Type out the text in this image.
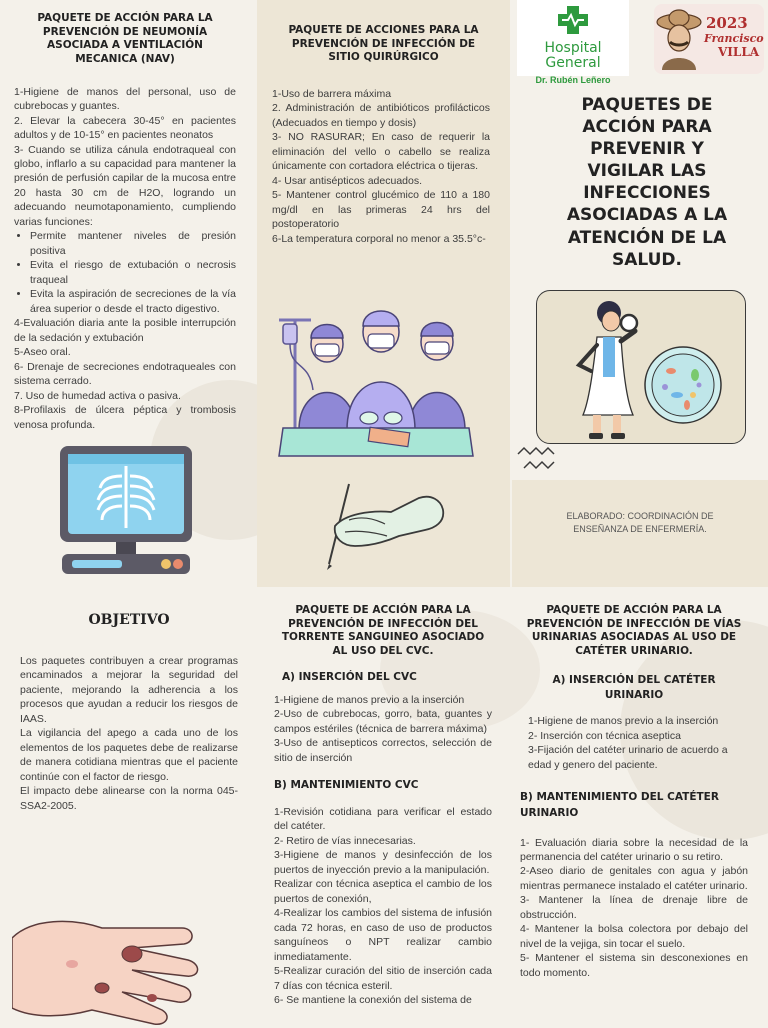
PAQUETE DE ACCIÓN PARA LA PREVENCIÓN DE NEUMONÍA ASOCIADA A VENTILACIÓN MECANICA (NAV)

1-Higiene de manos del personal, uso de cubrebocas y guantes.

2. Elevar la cabecera 30-45° en pacientes adultos y de 10-15° en pacientes neonatos

3- Cuando se utiliza cánula endotraqueal con globo, inflarlo a su capacidad para mantener la presión de perfusión capilar de la mucosa entre 20 hasta 30 cm de H2O, logrando un adecuando neumotaponamiento, cumpliendo varias funciones:

• Permite mantener niveles de presión positiva
• Evita el riesgo de extubación o necrosis traqueal
• Evita la aspiración de secreciones de la vía área superior o desde el tracto digestivo.

4-Evaluación diaria ante la posible interrupción de la sedación y extubación

5-Aseo oral.

6- Drenaje de secreciones endotraqueales con sistema cerrado.

7. Uso de humedad activa o pasiva.

8-Profilaxis de úlcera péptica y trombosis venosa profunda.

PAQUETE DE ACCIONES PARA LA PREVENCIÓN DE INFECCIÓN DE SITIO QUIRÚRGICO

1-Uso de barrera máxima

2. Administración de antibióticos profilácticos (Adecuados en tiempo y dosis)

3- NO RASURAR; En caso de requerir la eliminación del vello o cabello se realiza únicamente con cortadora eléctrica o tijeras.

4- Usar antisépticos adecuados.

5- Mantener control glucémico de 110 a 180 mg/dl en las primeras 24 hrs del postoperatorio

6-La temperatura corporal no menor a 35.5°c-

Hospital General
Dr. Rubén Leñero
2023
Francisco
VILLA
PAQUETES DE ACCIÓN PARA PREVENIR Y VIGILAR LAS INFECCIONES ASOCIADAS A LA ATENCIÓN DE LA SALUD.
ELABORADO: COORDINACIÓN DE ENSEÑANZA DE ENFERMERÍA.
OBJETIVO

Los paquetes contribuyen a crear programas encaminados a mejorar la seguridad del paciente, mejorando la adherencia a los procesos que ayudan a reducir los riesgos de IAAS.

La vigilancia del apego a cada uno de los elementos de los paquetes debe de realizarse de manera cotidiana mientras que el paciente continúe con el factor de riesgo.

El impacto debe alinearse con la norma 045-SSA2-2005.

PAQUETE DE ACCIÓN PARA LA PREVENCIÓN DE INFECCIÓN DEL TORRENTE SANGUINEO ASOCIADO AL USO DEL CVC.
A) INSERCIÓN DEL CVC

1-Higiene de manos previo a la inserción

2-Uso de cubrebocas, gorro, bata, guantes y campos estériles (técnica de barrera máxima)

3-Uso de antisepticos correctos, selección de sitio de inserción

B) MANTENIMIENTO CVC

1-Revisión cotidiana para verificar el estado del catéter.

2- Retiro de vías innecesarias.

3-Higiene de manos y desinfección de los puertos de inyección previo a la manipulación.

Realizar con técnica aseptica el cambio de los puertos de conexión,

4-Realizar los cambios del sistema de infusión cada 72 horas, en caso de uso de productos sanguíneos o NPT realizar cambio inmediatamente.

5-Realizar curación del sitio de inserción cada 7 días con técnica esteril.

6- Se mantiene la conexión del sistema de

PAQUETE DE ACCIÓN PARA LA PREVENCIÓN DE INFECCIÓN DE VÍAS URINARIAS ASOCIADAS AL USO DE CATÉTER URINARIO.
A) INSERCIÓN DEL CATÉTER URINARIO

1-Higiene de manos previo a la inserción

2- Inserción con técnica aseptica

3-Fijación del catéter urinario de acuerdo a edad y genero del paciente.

B) MANTENIMIENTO DEL CATÉTER URINARIO

1- Evaluación diaria sobre la necesidad de la permanencia del catéter urinario o su retiro.

2-Aseo diario de genitales con agua y jabón mientras permanece instalado el catéter urinario.

3- Mantener la línea de drenaje libre de obstrucción.

4- Mantener la bolsa colectora por debajo del nivel de la vejiga, sin tocar el suelo.

5- Mantener el sistema sin desconexiones en todo momento.
